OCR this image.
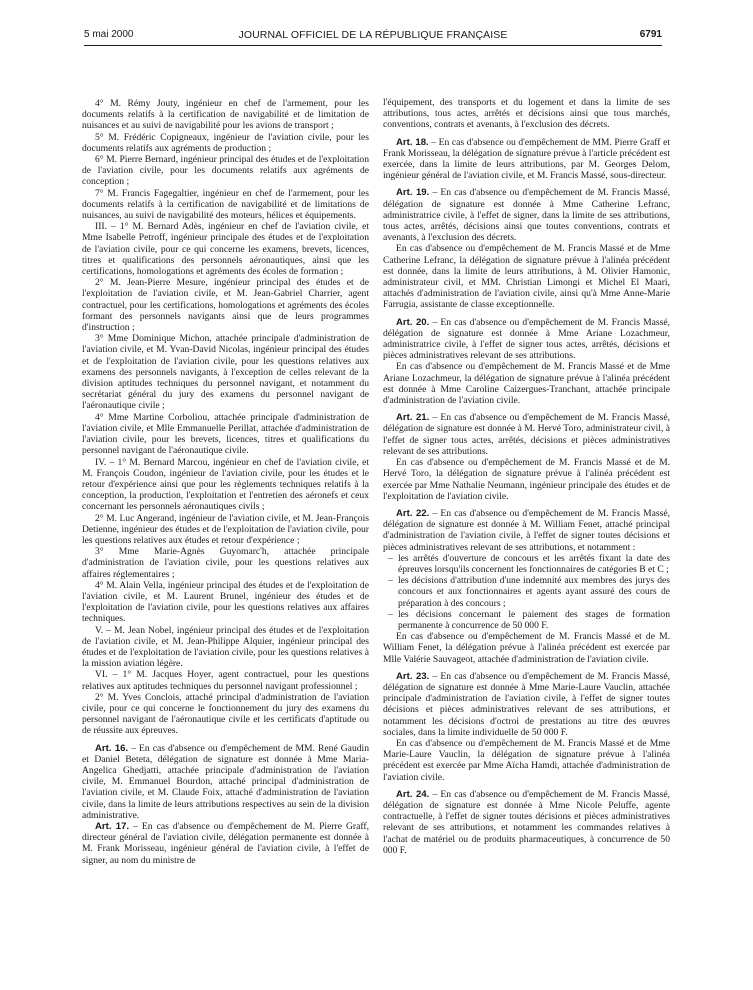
5 mai 2000	JOURNAL OFFICIEL DE LA RÉPUBLIQUE FRANÇAISE	6791

4° M. Rémy Jouty, ingénieur en chef de l'armement, pour les documents relatifs à la certification de navigabilité et de limitation de nuisances et au suivi de navigabilité pour les avions de transport ;

5° M. Frédéric Copigneaux, ingénieur de l'aviation civile, pour les documents relatifs aux agréments de production ;

6° M. Pierre Bernard, ingénieur principal des études et de l'exploitation de l'aviation civile, pour les documents relatifs aux agréments de conception ;

7° M. Francis Fagegaltier, ingénieur en chef de l'armement, pour les documents relatifs à la certification de navigabilité et de limitations de nuisances, au suivi de navigabilité des moteurs, hélices et équipements.

III. – 1° M. Bernard Adès, ingénieur en chef de l'aviation civile, et Mme Isabelle Petroff, ingénieur principale des études et de l'exploitation de l'aviation civile, pour ce qui concerne les examens, brevets, licences, titres et qualifications des personnels aéronautiques, ainsi que les certifications, homologations et agréments des écoles de formation ;

2° M. Jean-Pierre Mesure, ingénieur principal des études et de l'exploitation de l'aviation civile, et M. Jean-Gabriel Charrier, agent contractuel, pour les certifications, homologations et agréments des écoles formant des personnels navigants ainsi que de leurs programmes d'instruction ;

3° Mme Dominique Michon, attachée principale d'administration de l'aviation civile, et M. Yvan-David Nicolas, ingénieur principal des études et de l'exploitation de l'aviation civile, pour les questions relatives aux examens des personnels navigants, à l'exception de celles relevant de la division aptitudes techniques du personnel navigant, et notamment du secrétariat général du jury des examens du personnel navigant de l'aéronautique civile ;

4° Mme Martine Corboliou, attachée principale d'administration de l'aviation civile, et Mlle Emmanuelle Perillat, attachée d'administration de l'aviation civile, pour les brevets, licences, titres et qualifications du personnel navigant de l'aéronautique civile.

IV. – 1° M. Bernard Marcou, ingénieur en chef de l'aviation civile, et M. François Coudon, ingénieur de l'aviation civile, pour les études et le retour d'expérience ainsi que pour les règlements techniques relatifs à la conception, la production, l'exploitation et l'entretien des aéronefs et ceux concernant les personnels aéronautiques civils ;

2° M. Luc Angerand, ingénieur de l'aviation civile, et M. Jean-François Detienne, ingénieur des études et de l'exploitation de l'aviation civile, pour les questions relatives aux études et retour d'expérience ;

3° Mme Marie-Agnès Guyomarc'h, attachée principale d'administration de l'aviation civile, pour les questions relatives aux affaires réglementaires ;

4° M. Alain Vella, ingénieur principal des études et de l'exploitation de l'aviation civile, et M. Laurent Brunel, ingénieur des études et de l'exploitation de l'aviation civile, pour les questions relatives aux affaires techniques.

V. – M. Jean Nobel, ingénieur principal des études et de l'exploitation de l'aviation civile, et M. Jean-Philippe Alquier, ingénieur principal des études et de l'exploitation de l'aviation civile, pour les questions relatives à la mission aviation légère.

VI. – 1° M. Jacques Hoyer, agent contractuel, pour les questions relatives aux aptitudes techniques du personnel navigant professionnel ;

2° M. Yves Conclois, attaché principal d'administration de l'aviation civile, pour ce qui concerne le fonctionnement du jury des examens du personnel navigant de l'aéronautique civile et les certificats d'aptitude ou de réussite aux épreuves.

Art. 16. – En cas d'absence ou d'empêchement de MM. René Gaudin et Daniel Beteta, délégation de signature est donnée à Mme Maria-Angelica Ghedjatti, attachée principale d'administration de l'aviation civile, M. Emmanuel Bourdon, attaché principal d'administration de l'aviation civile, et M. Claude Foix, attaché d'administration de l'aviation civile, dans la limite de leurs attributions respectives au sein de la division administrative.

Art. 17. – En cas d'absence ou d'empêchement de M. Pierre Graff, directeur général de l'aviation civile, délégation permanente est donnée à M. Frank Morisseau, ingénieur général de l'aviation civile, à l'effet de signer, au nom du ministre de

l'équipement, des transports et du logement et dans la limite de ses attributions, tous actes, arrêtés et décisions ainsi que tous marchés, conventions, contrats et avenants, à l'exclusion des décrets.

Art. 18. – En cas d'absence ou d'empêchement de MM. Pierre Graff et Frank Morisseau, la délégation de signature prévue à l'article précédent est exercée, dans la limite de leurs attributions, par M. Georges Delom, ingénieur général de l'aviation civile, et M. Francis Massé, sous-directeur.

Art. 19. – En cas d'absence ou d'empêchement de M. Francis Massé, délégation de signature est donnée à Mme Catherine Lefranc, administratrice civile, à l'effet de signer, dans la limite de ses attributions, tous actes, arrêtés, décisions ainsi que toutes conventions, contrats et avenants, à l'exclusion des décrets.

En cas d'absence ou d'empêchement de M. Francis Massé et de Mme Catherine Lefranc, la délégation de signature prévue à l'alinéa précédent est donnée, dans la limite de leurs attributions, à M. Olivier Hamonic, administrateur civil, et MM. Christian Limongi et Michel El Maari, attachés d'administration de l'aviation civile, ainsi qu'à Mme Anne-Marie Farrugia, assistante de classe exceptionnelle.

Art. 20. – En cas d'absence ou d'empêchement de M. Francis Massé, délégation de signature est donnée à Mme Ariane Lozachmeur, administratrice civile, à l'effet de signer tous actes, arrêtés, décisions et pièces administratives relevant de ses attributions.

En cas d'absence ou d'empêchement de M. Francis Massé et de Mme Ariane Lozachmeur, la délégation de signature prévue à l'alinéa précédent est donnée à Mme Caroline Caizergues-Tranchant, attachée principale d'administration de l'aviation civile.

Art. 21. – En cas d'absence ou d'empêchement de M. Francis Massé, délégation de signature est donnée à M. Hervé Toro, administrateur civil, à l'effet de signer tous actes, arrêtés, décisions et pièces administratives relevant de ses attributions.

En cas d'absence ou d'empêchement de M. Francis Massé et de M. Hervé Toro, la délégation de signature prévue à l'alinéa précédent est exercée par Mme Nathalie Neumann, ingénieur principale des études et de l'exploitation de l'aviation civile.

Art. 22. – En cas d'absence ou d'empêchement de M. Francis Massé, délégation de signature est donnée à M. William Fenet, attaché principal d'administration de l'aviation civile, à l'effet de signer toutes décisions et pièces administratives relevant de ses attributions, et notamment :

– les arrêtés d'ouverture de concours et les arrêtés fixant la date des épreuves lorsqu'ils concernent les fonctionnaires de catégories B et C ;
– les décisions d'attribution d'une indemnité aux membres des jurys des concours et aux fonctionnaires et agents ayant assuré des cours de préparation à des concours ;
– les décisions concernant le paiement des stages de formation permanente à concurrence de 50 000 F.

En cas d'absence ou d'empêchement de M. Francis Massé et de M. William Fenet, la délégation prévue à l'alinéa précédent est exercée par Mlle Valérie Sauvageot, attachée d'administration de l'aviation civile.

Art. 23. – En cas d'absence ou d'empêchement de M. Francis Massé, délégation de signature est donnée à Mme Marie-Laure Vauclin, attachée principale d'administration de l'aviation civile, à l'effet de signer toutes décisions et pièces administratives relevant de ses attributions, et notamment les décisions d'octroi de prestations au titre des œuvres sociales, dans la limite individuelle de 50 000 F.

En cas d'absence ou d'empêchement de M. Francis Massé et de Mme Marie-Laure Vauclin, la délégation de signature prévue à l'alinéa précédent est exercée par Mme Aïcha Hamdi, attachée d'administration de l'aviation civile.

Art. 24. – En cas d'absence ou d'empêchement de M. Francis Massé, délégation de signature est donnée à Mme Nicole Peluffe, agente contractuelle, à l'effet de signer toutes décisions et pièces administratives relevant de ses attributions, et notamment les commandes relatives à l'achat de matériel ou de produits pharmaceutiques, à concurrence de 50 000 F.
